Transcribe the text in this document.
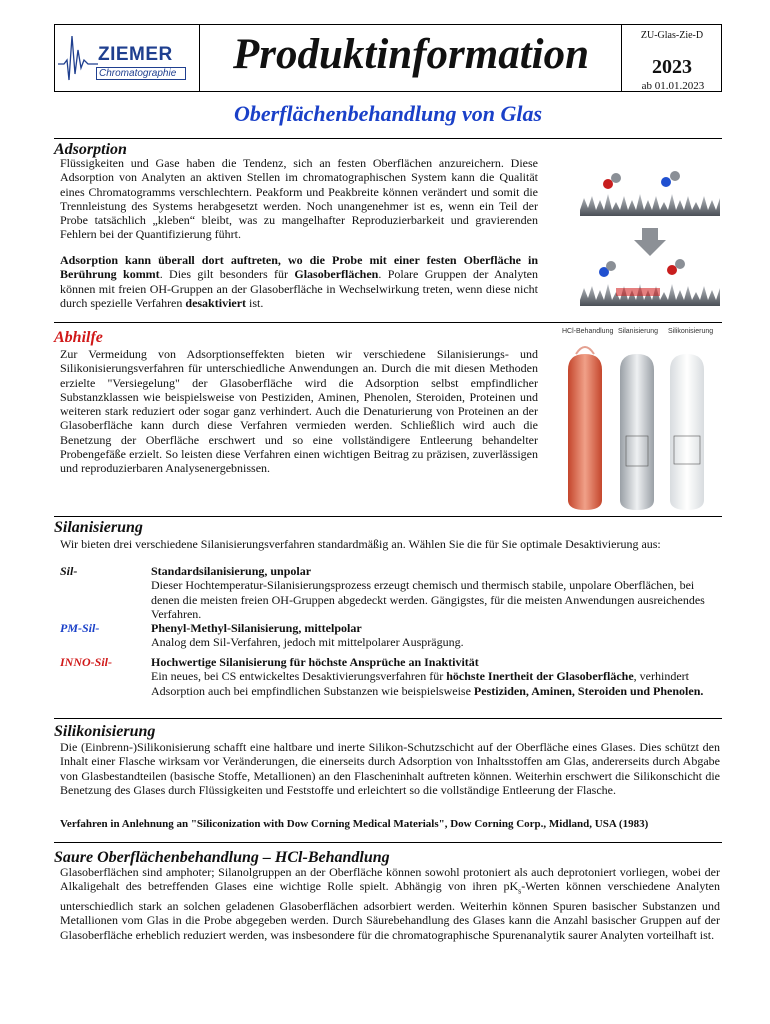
ZIEMER
Chromatographie	Produktinformation	ZU-Glas-Zie-D
2023
ab 01.01.2023
Oberflächenbehandlung von Glas
Adsorption
Flüssigkeiten und Gase haben die Tendenz, sich an festen Oberflächen anzureichern. Diese Adsorption von Analyten an aktiven Stellen im chromatographischen System kann die Qualität eines Chromatogramms verschlechtern. Peakform und Peakbreite können verändert und somit die Trennleistung des Systems herabgesetzt werden. Noch unangenehmer ist es, wenn ein Teil der Probe tatsächlich „kleben“ bleibt, was zu mangelhafter Reproduzierbarkeit und gravierenden Fehlern bei der Quantifizierung führt.
Adsorption kann überall dort auftreten, wo die Probe mit einer festen Oberfläche in Berührung kommt. Dies gilt besonders für Glasoberflächen. Polare Gruppen der Analyten können mit freien OH-Gruppen an der Glasoberfläche in Wechselwirkung treten, wenn diese nicht durch spezielle Verfahren desaktiviert ist.
Abhilfe
Zur Vermeidung von Adsorptionseffekten bieten wir verschiedene Silanisierungs- und Silikonisierungsverfahren für unterschiedliche Anwendungen an. Durch die mit diesen Methoden erzielte "Versiegelung" der Glasoberfläche wird die Adsorption selbst empfindlicher Substanzklassen wie beispielsweise von Pestiziden, Aminen, Phenolen, Steroiden, Proteinen und weiteren stark reduziert oder sogar ganz verhindert. Auch die Denaturierung von Proteinen an der Glasoberfläche kann durch diese Verfahren vermieden werden. Schließlich wird auch die Benetzung der Oberfläche erschwert und so eine vollständigere Entleerung behandelter Probengefäße erzielt. So leisten diese Verfahren einen wichtigen Beitrag zu präzisen, zuverlässigen und reproduzierbaren Analysenergebnissen.
HCl-Behandlung Silanisierung Silikonisierung
Silanisierung
Wir bieten drei verschiedene Silanisierungsverfahren standardmäßig an. Wählen Sie die für Sie optimale Desaktivierung aus:
Sil-	Standardsilanisierung, unpolar
Dieser Hochtemperatur-Silanisierungsprozess erzeugt chemisch und thermisch stabile, unpolare Oberflächen, bei denen die meisten freien OH-Gruppen abgedeckt werden. Gängigstes, für die meisten Anwendungen ausreichendes Verfahren.
PM-Sil-	Phenyl-Methyl-Silanisierung, mittelpolar
Analog dem Sil-Verfahren, jedoch mit mittelpolarer Ausprägung.
INNO-Sil-	Hochwertige Silanisierung für höchste Ansprüche an Inaktivität
Ein neues, bei CS entwickeltes Desaktivierungsverfahren für höchste Inertheit der Glasoberfläche, verhindert Adsorption auch bei empfindlichen Substanzen wie beispielsweise Pestiziden, Aminen, Steroiden und Phenolen.
Silikonisierung
Die (Einbrenn-)Silikonisierung schafft eine haltbare und inerte Silikon-Schutzschicht auf der Oberfläche eines Glases. Dies schützt den Inhalt einer Flasche wirksam vor Veränderungen, die einerseits durch Adsorption von Inhaltsstoffen am Glas, andererseits durch Abgabe von Glasbestandteilen (basische Stoffe, Metallionen) an den Flascheninhalt auftreten können. Weiterhin erschwert die Silikonschicht die Benetzung des Glases durch Flüssigkeiten und Feststoffe und erleichtert so die vollständige Entleerung der Flasche.
Verfahren in Anlehnung an "Siliconization with Dow Corning Medical Materials", Dow Corning Corp., Midland, USA (1983)
Saure Oberflächenbehandlung – HCl-Behandlung
Glasoberflächen sind amphoter; Silanolgruppen an der Oberfläche können sowohl protoniert als auch deprotoniert vorliegen, wobei der Alkaligehalt des betreffenden Glases eine wichtige Rolle spielt. Abhängig von ihren $pK_s$-Werten können verschiedene Analyten unterschiedlich stark an solchen geladenen Glasoberflächen adsorbiert werden. Weiterhin können Spuren basischer Substanzen und Metallionen vom Glas in die Probe abgegeben werden. Durch Säurebehandlung des Glases kann die Anzahl basischer Gruppen auf der Glasoberfläche erheblich reduziert werden, was insbesondere für die chromatographische Spurenanalytik saurer Analyten vorteilhaft ist.
